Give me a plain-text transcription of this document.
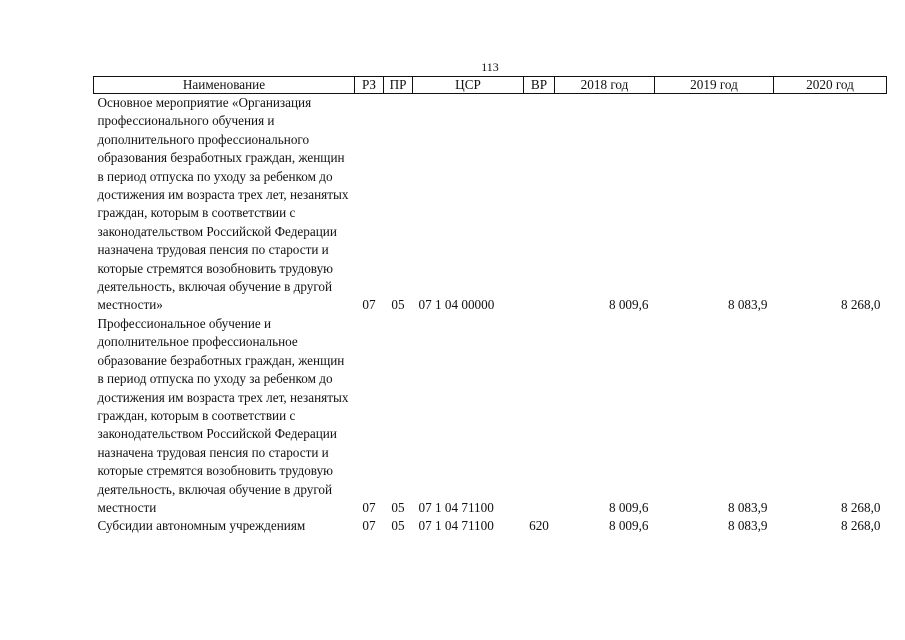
113
Наименование	РЗ	ПР	ЦСР	ВР	2018 год	2019 год	2020 год
Основное мероприятие «Организация профессионального обучения и дополнительного профессионального образования безработных граждан, женщин в период отпуска по уходу за ребенком до достижения им возраста трех лет, незанятых граждан, которым в соответствии с законодательством Российской Федерации назначена трудовая пенсия по старости и которые стремятся возобновить трудовую деятельность, включая обучение в другой местности»	07	05	07 1 04 00000		8 009,6	8 083,9	8 268,0
Профессиональное обучение и дополнительное профессиональное образование безработных граждан, женщин в период отпуска по уходу за ребенком до достижения им возраста трех лет, незанятых граждан, которым в соответствии с законодательством Российской Федерации назначена трудовая пенсия по старости и которые стремятся возобновить трудовую деятельность, включая обучение в другой местности	07	05	07 1 04 71100		8 009,6	8 083,9	8 268,0
Субсидии автономным учреждениям	07	05	07 1 04 71100	620	8 009,6	8 083,9	8 268,0
